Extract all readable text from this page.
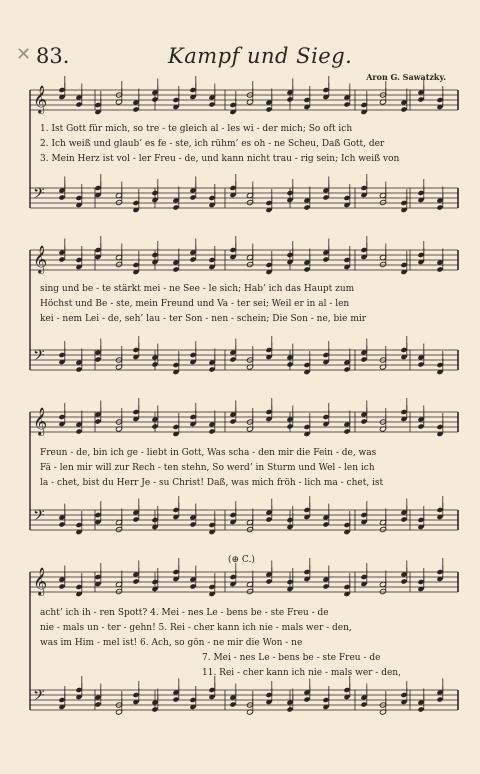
✕ 83.	Kampf und Sieg.
Aron G. Sawatzky.
𝄞
𝄢
𝄞
𝄢
𝄞
𝄢
𝄞
𝄢
1. Ist Gott für mich, so tre - te gleich al - les wi - der mich; So oft ich
2. Ich weiß und glaub’ es fe - ste, ich rühm’ es oh - ne Scheu, Daß Gott, der
3. Mein Herz ist vol - ler Freu - de, und kann nicht trau - rig sein; Ich weiß von
sing und be - te stärkt mei - ne See - le sich; Hab’ ich das Haupt zum
Höchst und Be - ste, mein Freund und Va - ter sei; Weil er in al - len
kei - nem Lei - de, seh’ lau - ter Son - nen - schein; Die Son - ne, bie mir
Freun - de, bin ich ge - liebt in Gott, Was scha - den mir die Fein - de, was
Fä - len mir will zur Rech - ten stehn, So werd’ in Sturm und Wel - len ich
la - chet, bist du Herr Je - su Christ! Daß, was mich fröh - lich ma - chet, ist
(⊕ C.)
acht’ ich ih - ren Spott? 4. Mei - nes Le - bens be - ste Freu - de
nie - mals un - ter - gehn! 5. Rei - cher kann ich nie - mals wer - den,
was im Him - mel ist! 6. Ach, so gön - ne mir die Won - ne
7. Mei - nes Le - bens be - ste Freu - de
11. Rei - cher kann ich nie - mals wer - den,
